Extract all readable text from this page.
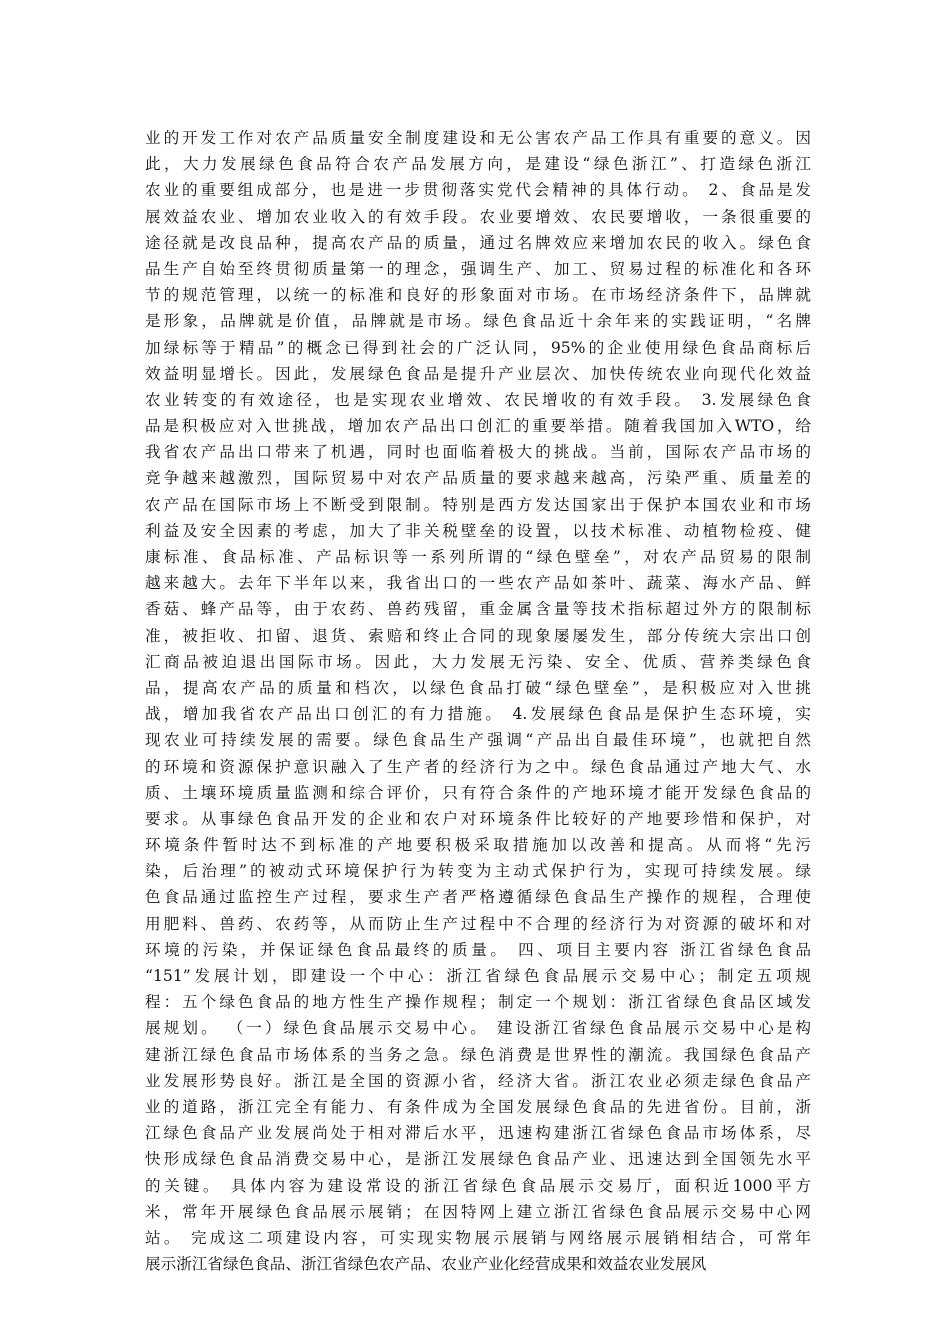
业的开发工作对农产品质量安全制度建设和无公害农产品工作具有重要的意义。因
此，大力发展绿色食品符合农产品发展方向，是建设“绿色浙江”、打造绿色浙江
农业的重要组成部分，也是进一步贯彻落实党代会精神的具体行动。 2、食品是发
展效益农业、增加农业收入的有效手段。农业要增效、农民要增收，一条很重要的
途径就是改良品种，提高农产品的质量，通过名牌效应来增加农民的收入。绿色食
品生产自始至终贯彻质量第一的理念，强调生产、加工、贸易过程的标准化和各环
节的规范管理，以统一的标准和良好的形象面对市场。在市场经济条件下，品牌就
是形象，品牌就是价值，品牌就是市场。绿色食品近十余年来的实践证明，“名牌
加绿标等于精品”的概念已得到社会的广泛认同，95%的企业使用绿色食品商标后
效益明显增长。因此，发展绿色食品是提升产业层次、加快传统农业向现代化效益
农业转变的有效途径，也是实现农业增效、农民增收的有效手段。 3.发展绿色食
品是积极应对入世挑战，增加农产品出口创汇的重要举措。随着我国加入WTO，给
我省农产品出口带来了机遇，同时也面临着极大的挑战。当前，国际农产品市场的
竞争越来越激烈，国际贸易中对农产品质量的要求越来越高，污染严重、质量差的
农产品在国际市场上不断受到限制。特别是西方发达国家出于保护本国农业和市场
利益及安全因素的考虑，加大了非关税壁垒的设置，以技术标准、动植物检疫、健
康标准、食品标准、产品标识等一系列所谓的“绿色壁垒”，对农产品贸易的限制
越来越大。去年下半年以来，我省出口的一些农产品如茶叶、蔬菜、海水产品、鲜
香菇、蜂产品等，由于农药、兽药残留，重金属含量等技术指标超过外方的限制标
准，被拒收、扣留、退货、索赔和终止合同的现象屡屡发生，部分传统大宗出口创
汇商品被迫退出国际市场。因此，大力发展无污染、安全、优质、营养类绿色食
品，提高农产品的质量和档次，以绿色食品打破“绿色壁垒”，是积极应对入世挑
战，增加我省农产品出口创汇的有力措施。 4.发展绿色食品是保护生态环境，实
现农业可持续发展的需要。绿色食品生产强调“产品出自最佳环境”，也就把自然
的环境和资源保护意识融入了生产者的经济行为之中。绿色食品通过产地大气、水
质、土壤环境质量监测和综合评价，只有符合条件的产地环境才能开发绿色食品的
要求。从事绿色食品开发的企业和农户对环境条件比较好的产地要珍惜和保护，对
环境条件暂时达不到标准的产地要积极采取措施加以改善和提高。从而将“先污
染，后治理”的被动式环境保护行为转变为主动式保护行为，实现可持续发展。绿
色食品通过监控生产过程，要求生产者严格遵循绿色食品生产操作的规程，合理使
用肥料、兽药、农药等，从而防止生产过程中不合理的经济行为对资源的破坏和对
环境的污染，并保证绿色食品最终的质量。 四、项目主要内容 浙江省绿色食品
“151”发展计划，即建设一个中心：浙江省绿色食品展示交易中心；制定五项规
程：五个绿色食品的地方性生产操作规程；制定一个规划：浙江省绿色食品区域发
展规划。 （一）绿色食品展示交易中心。 建设浙江省绿色食品展示交易中心是构
建浙江绿色食品市场体系的当务之急。绿色消费是世界性的潮流。我国绿色食品产
业发展形势良好。浙江是全国的资源小省，经济大省。浙江农业必须走绿色食品产
业的道路，浙江完全有能力、有条件成为全国发展绿色食品的先进省份。目前，浙
江绿色食品产业发展尚处于相对滞后水平，迅速构建浙江省绿色食品市场体系，尽
快形成绿色食品消费交易中心，是浙江发展绿色食品产业、迅速达到全国领先水平
的关键。 具体内容为建设常设的浙江省绿色食品展示交易厅，面积近1000平方
米，常年开展绿色食品展示展销；在因特网上建立浙江省绿色食品展示交易中心网
站。 完成这二项建设内容，可实现实物展示展销与网络展示展销相结合，可常年
展示浙江省绿色食品、浙江省绿色农产品、农业产业化经营成果和效益农业发展风
